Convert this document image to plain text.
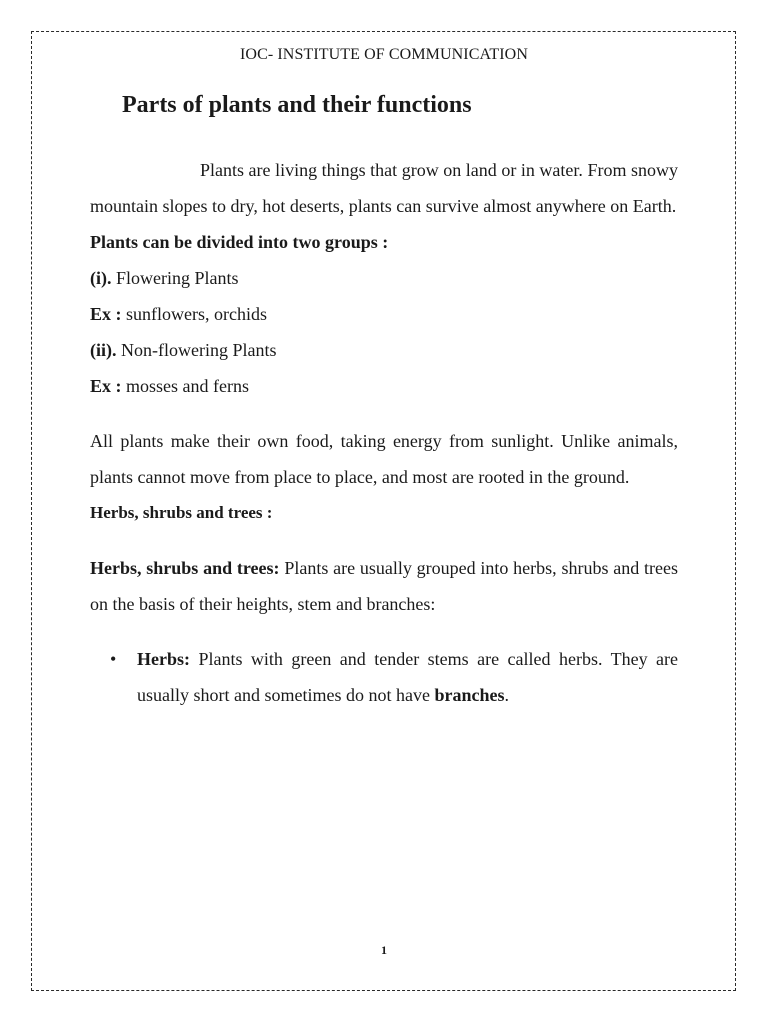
IOC- INSTITUTE OF COMMUNICATION
Parts of plants and their functions

Plants are living things that grow on land or in water. From snowy mountain slopes to dry, hot deserts, plants can survive almost anywhere on Earth.

Plants can be divided into two groups :

(i). Flowering Plants

Ex : sunflowers, orchids

(ii). Non-flowering Plants

Ex : mosses and ferns

All plants make their own food, taking energy from sunlight. Unlike animals, plants cannot move from place to place, and most are rooted in the ground.

Herbs, shrubs and trees :

Herbs, shrubs and trees: Plants are usually grouped into herbs, shrubs and trees on the basis of their heights, stem and branches:

• Herbs: Plants with green and tender stems are called herbs. They are usually short and sometimes do not have branches.
1
